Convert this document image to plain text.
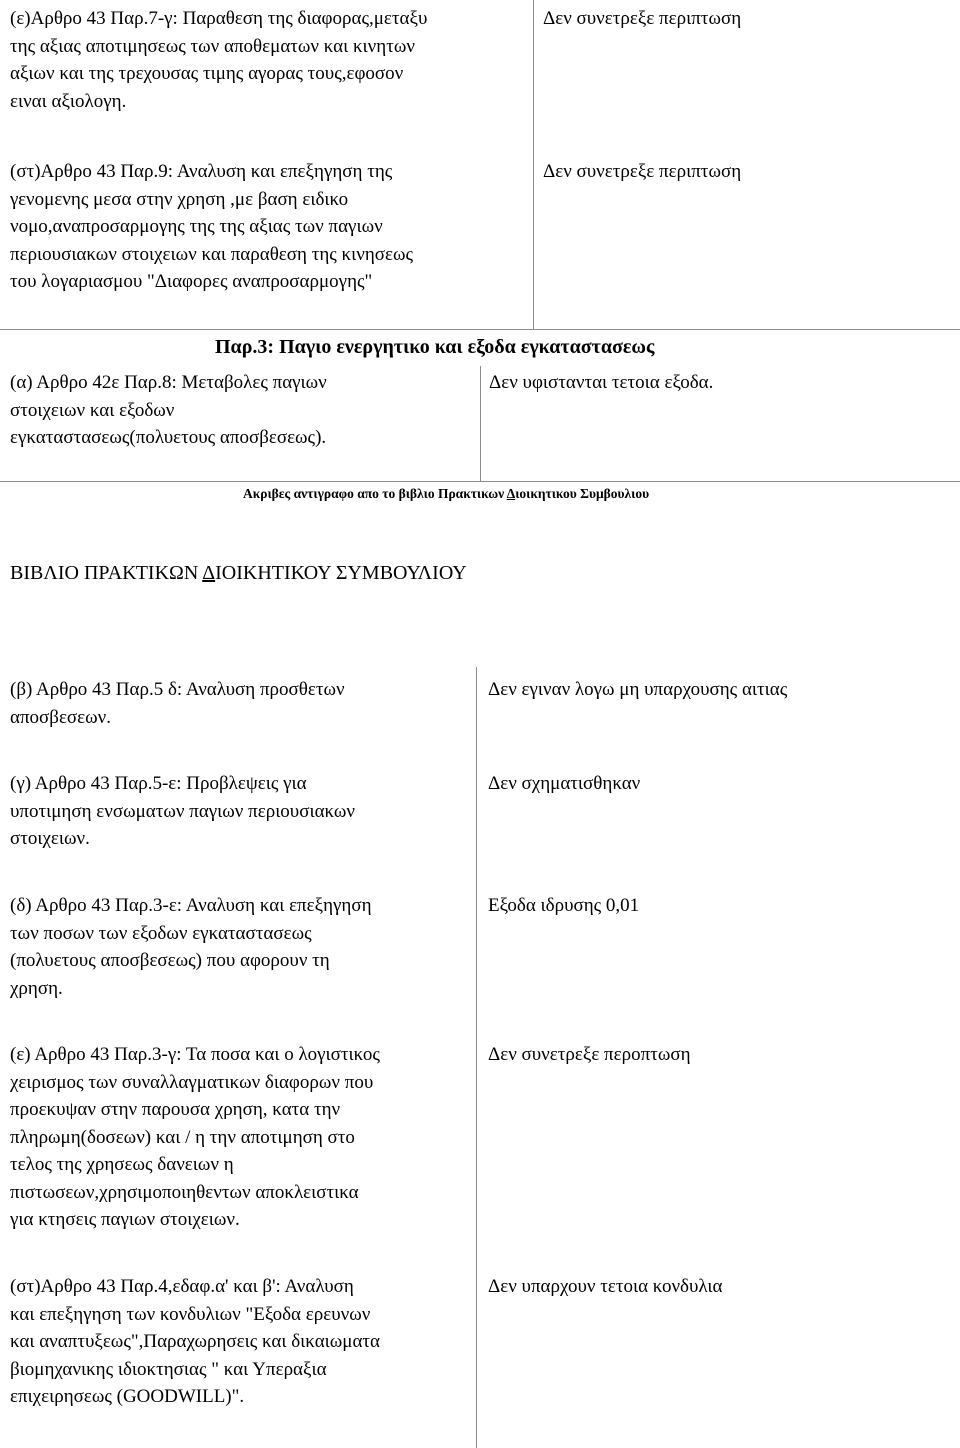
(ε)Αρθρο 43 Παρ.7-γ: Παραθεση της διαφορας,μεταξυ
της αξιας αποτιμησεως των αποθεματων και κινητων
αξιων και της τρεχουσας τιμης αγορας τους,εφοσον
ειναι αξιολογη.
Δεν συνετρεξε περιπτωση
(στ)Αρθρο 43 Παρ.9: Αναλυση και επεξηγηση της
γενομενης μεσα στην χρηση ,με βαση ειδικο
νομο,αναπροσαρμογης της της αξιας των παγιων
περιουσιακων στοιχειων και παραθεση της κινησεως
του λογαριασμου "Διαφορες αναπροσαρμογης"
Δεν συνετρεξε περιπτωση
Παρ.3: Παγιο ενεργητικο και εξοδα εγκαταστασεως
(α) Αρθρο 42ε Παρ.8: Μεταβολες παγιων
στοιχειων και εξοδων
εγκαταστασεως(πολυετους αποσβεσεως).
Δεν υφιστανται τετοια εξοδα.
Ακριβες αντιγραφο απο το βιβλιο Πρακτικων Διοικητικου Συμβουλιου
ΒΙΒΛΙΟ ΠΡΑΚΤΙΚΩΝ ΔΙΟΙΚΗΤΙΚΟΥ ΣΥΜΒΟΥΛΙΟΥ
(β) Αρθρο 43 Παρ.5 δ: Αναλυση προσθετων
αποσβεσεων.
Δεν εγιναν λογω μη υπαρχουσης αιτιας
(γ) Αρθρο 43 Παρ.5-ε: Προβλεψεις για
υποτιμηση ενσωματων παγιων περιουσιακων
στοιχειων.
Δεν σχηματισθηκαν
(δ) Αρθρο 43 Παρ.3-ε: Αναλυση και επεξηγηση
των ποσων των εξοδων εγκαταστασεως
(πολυετους αποσβεσεως) που αφορουν τη
χρηση.
Εξοδα ιδρυσης 0,01
(ε) Αρθρο 43 Παρ.3-γ: Τα ποσα και ο λογιστικος
χειρισμος των συναλλαγματικων διαφορων που
προεκυψαν στην παρουσα χρηση, κατα την
πληρωμη(δοσεων) και / η την αποτιμηση στο
τελος της χρησεως δανειων η
πιστωσεων,χρησιμοποιηθεντων αποκλειστικα
για κτησεις παγιων στοιχειων.
Δεν συνετρεξε περοπτωση
(στ)Αρθρο 43 Παρ.4,εδαφ.α' και β': Αναλυση
και επεξηγηση των κονδυλιων "Εξοδα ερευνων
και αναπτυξεως",Παραχωρησεις και δικαιωματα
βιομηχανικης ιδιοκτησιας " και Υπεραξια
επιχειρησεως (GOODWILL)".
Δεν υπαρχουν τετοια κονδυλια
